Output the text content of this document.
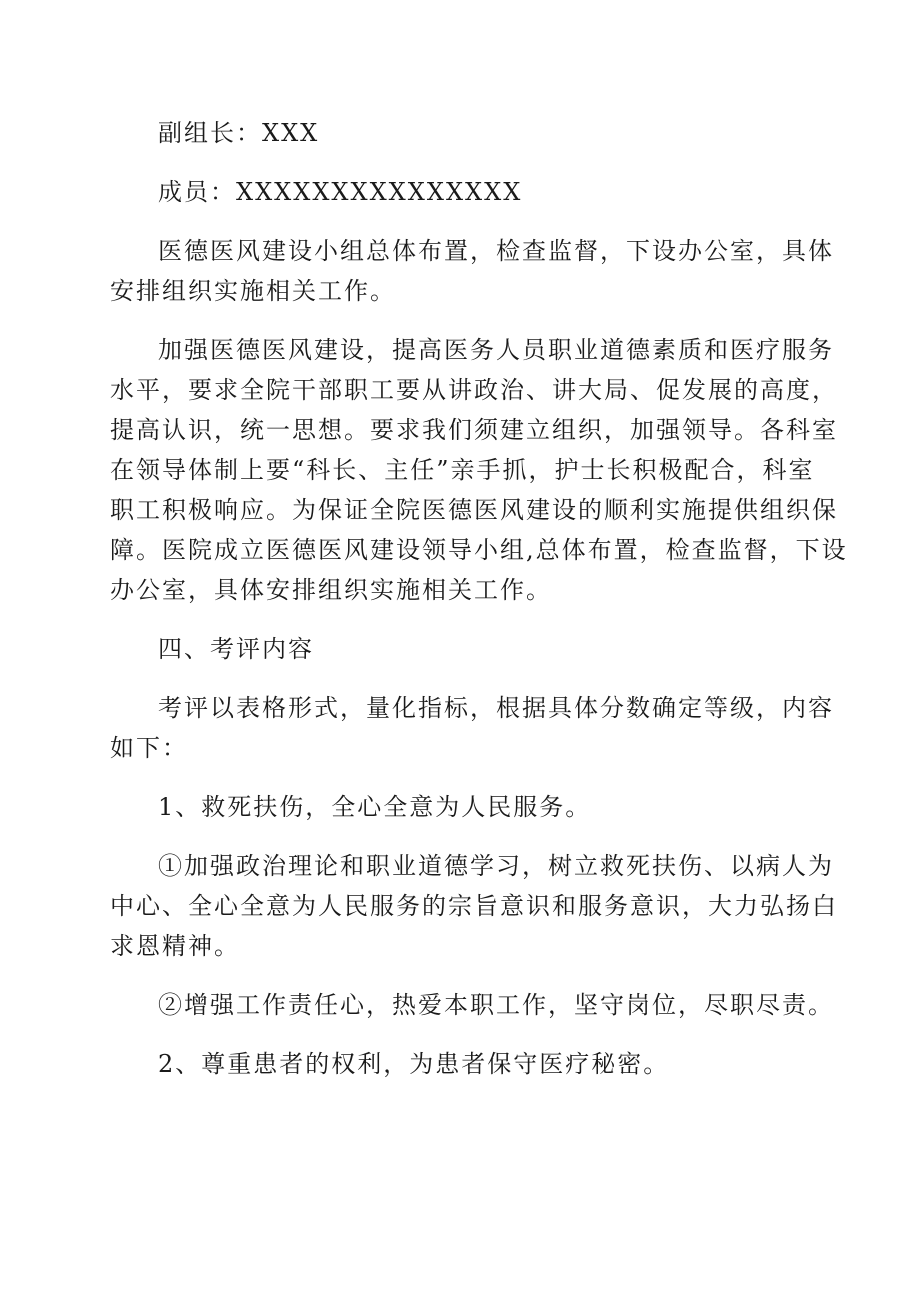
副组长：XXX
成员：XXXXXXXXXXXXXXX
医德医风建设小组总体布置，检查监督，下设办公室，具体
安排组织实施相关工作。
加强医德医风建设，提高医务人员职业道德素质和医疗服务
水平，要求全院干部职工要从讲政治、讲大局、促发展的高度，
提高认识，统一思想。要求我们须建立组织，加强领导。各科室
在领导体制上要“科长、主任”亲手抓，护士长积极配合，科室
职工积极响应。为保证全院医德医风建设的顺利实施提供组织保
障。医院成立医德医风建设领导小组,总体布置，检查监督，下设
办公室，具体安排组织实施相关工作。
四、考评内容
考评以表格形式，量化指标，根据具体分数确定等级，内容
如下：
1、救死扶伤，全心全意为人民服务。
①加强政治理论和职业道德学习，树立救死扶伤、以病人为
中心、全心全意为人民服务的宗旨意识和服务意识，大力弘扬白
求恩精神。
②增强工作责任心，热爱本职工作，坚守岗位，尽职尽责。
2、尊重患者的权利，为患者保守医疗秘密。
